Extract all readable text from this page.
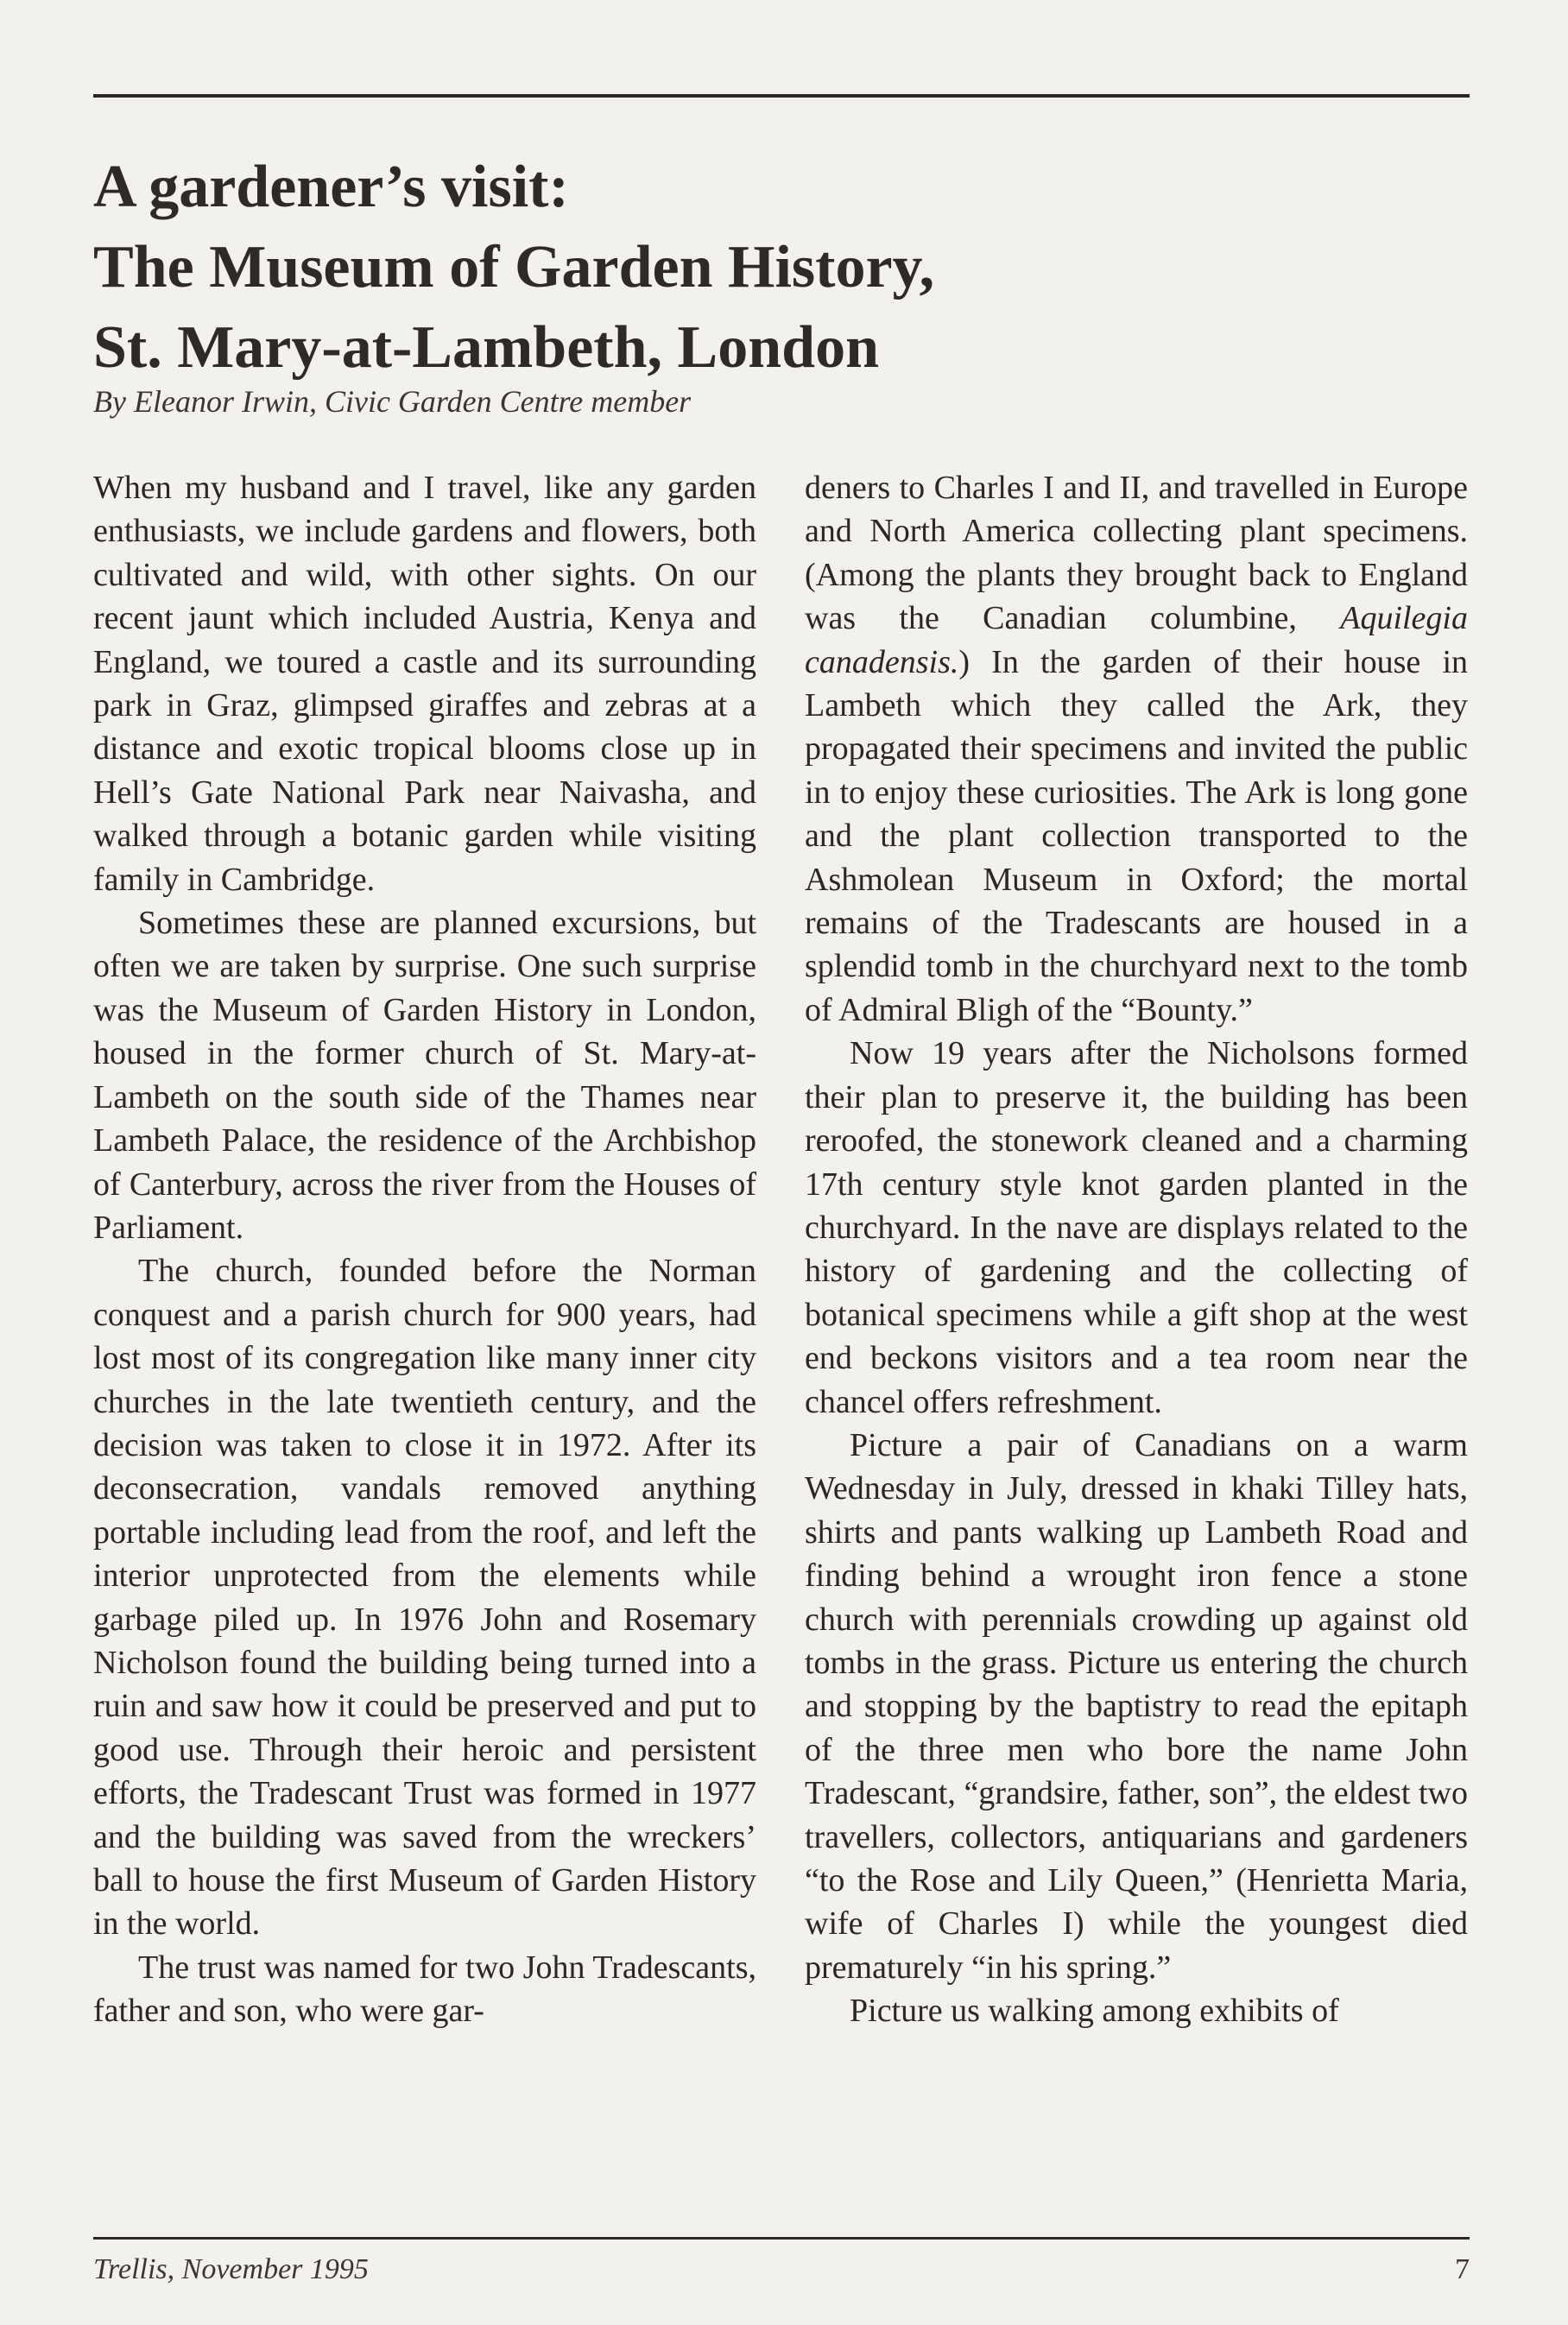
A gardener’s visit:
The Museum of Garden History,
St. Mary-at-Lambeth, London
By Eleanor Irwin, Civic Garden Centre member

When my husband and I travel, like any garden enthusiasts, we include gardens and flowers, both cultivated and wild, with other sights. On our recent jaunt which included Austria, Kenya and England, we toured a castle and its surrounding park in Graz, glimpsed giraffes and zebras at a distance and exotic tropical blooms close up in Hell’s Gate National Park near Naivasha, and walked through a botanic garden while visiting family in Cambridge.

Sometimes these are planned excursions, but often we are taken by surprise. One such surprise was the Museum of Garden History in London, housed in the former church of St. Mary-at-Lambeth on the south side of the Thames near Lambeth Palace, the residence of the Archbishop of Canterbury, across the river from the Houses of Parliament.

The church, founded before the Norman conquest and a parish church for 900 years, had lost most of its congregation like many inner city churches in the late twentieth century, and the decision was taken to close it in 1972. After its deconsecration, vandals removed anything portable including lead from the roof, and left the interior unprotected from the elements while garbage piled up. In 1976 John and Rosemary Nicholson found the building being turned into a ruin and saw how it could be preserved and put to good use. Through their heroic and persistent efforts, the Tradescant Trust was formed in 1977 and the building was saved from the wreckers’ ball to house the first Museum of Garden History in the world.

The trust was named for two John Tradescants, father and son, who were gar-

deners to Charles I and II, and travelled in Europe and North America collecting plant specimens. (Among the plants they brought back to England was the Canadian columbine, Aquilegia canadensis.) In the garden of their house in Lambeth which they called the Ark, they propagated their specimens and invited the public in to enjoy these curiosities. The Ark is long gone and the plant collection transported to the Ashmolean Museum in Oxford; the mortal remains of the Tradescants are housed in a splendid tomb in the churchyard next to the tomb of Admiral Bligh of the “Bounty.”

Now 19 years after the Nicholsons formed their plan to preserve it, the building has been reroofed, the stonework cleaned and a charming 17th century style knot garden planted in the churchyard. In the nave are displays related to the history of gardening and the collecting of botanical specimens while a gift shop at the west end beckons visitors and a tea room near the chancel offers refreshment.

Picture a pair of Canadians on a warm Wednesday in July, dressed in khaki Tilley hats, shirts and pants walking up Lambeth Road and finding behind a wrought iron fence a stone church with perennials crowding up against old tombs in the grass. Picture us entering the church and stopping by the baptistry to read the epitaph of the three men who bore the name John Tradescant, “grandsire, father, son”, the eldest two travellers, collectors, antiquarians and gardeners “to the Rose and Lily Queen,” (Henrietta Maria, wife of Charles I) while the youngest died prematurely “in his spring.”

Picture us walking among exhibits of

Trellis, November 1995	7
